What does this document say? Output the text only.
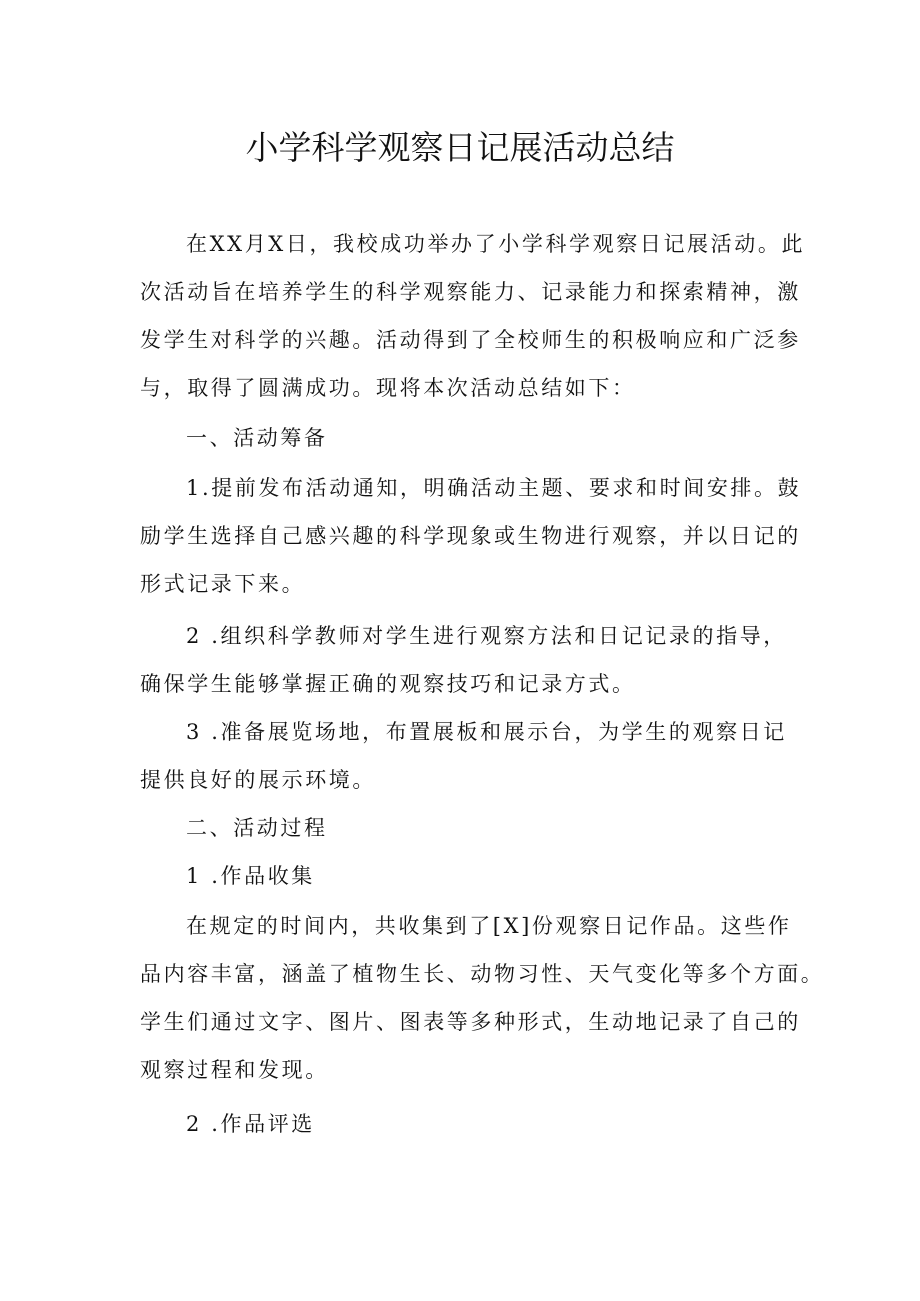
小学科学观察日记展活动总结
在XX月X日，我校成功举办了小学科学观察日记展活动。此
次活动旨在培养学生的科学观察能力、记录能力和探索精神，激
发学生对科学的兴趣。活动得到了全校师生的积极响应和广泛参
与，取得了圆满成功。现将本次活动总结如下：
一、活动筹备
1.提前发布活动通知，明确活动主题、要求和时间安排。鼓
励学生选择自己感兴趣的科学现象或生物进行观察，并以日记的
形式记录下来。
2 .组织科学教师对学生进行观察方法和日记记录的指导，
确保学生能够掌握正确的观察技巧和记录方式。
3 .准备展览场地，布置展板和展示台，为学生的观察日记
提供良好的展示环境。
二、活动过程
1 .作品收集
在规定的时间内，共收集到了[X]份观察日记作品。这些作
品内容丰富，涵盖了植物生长、动物习性、天气变化等多个方面。
学生们通过文字、图片、图表等多种形式，生动地记录了自己的
观察过程和发现。
2 .作品评选
